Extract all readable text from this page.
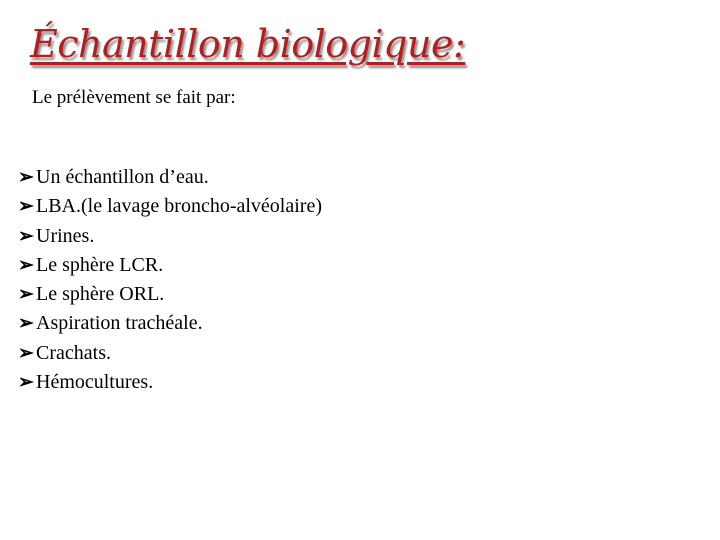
Échantillon biologique:

Le prélèvement se fait par:

➢ Un échantillon d’eau.
➢ LBA.(le lavage broncho-alvéolaire)
➢ Urines.
➢ Le sphère LCR.
➢ Le sphère ORL.
➢ Aspiration trachéale.
➢ Crachats.
➢ Hémocultures.
